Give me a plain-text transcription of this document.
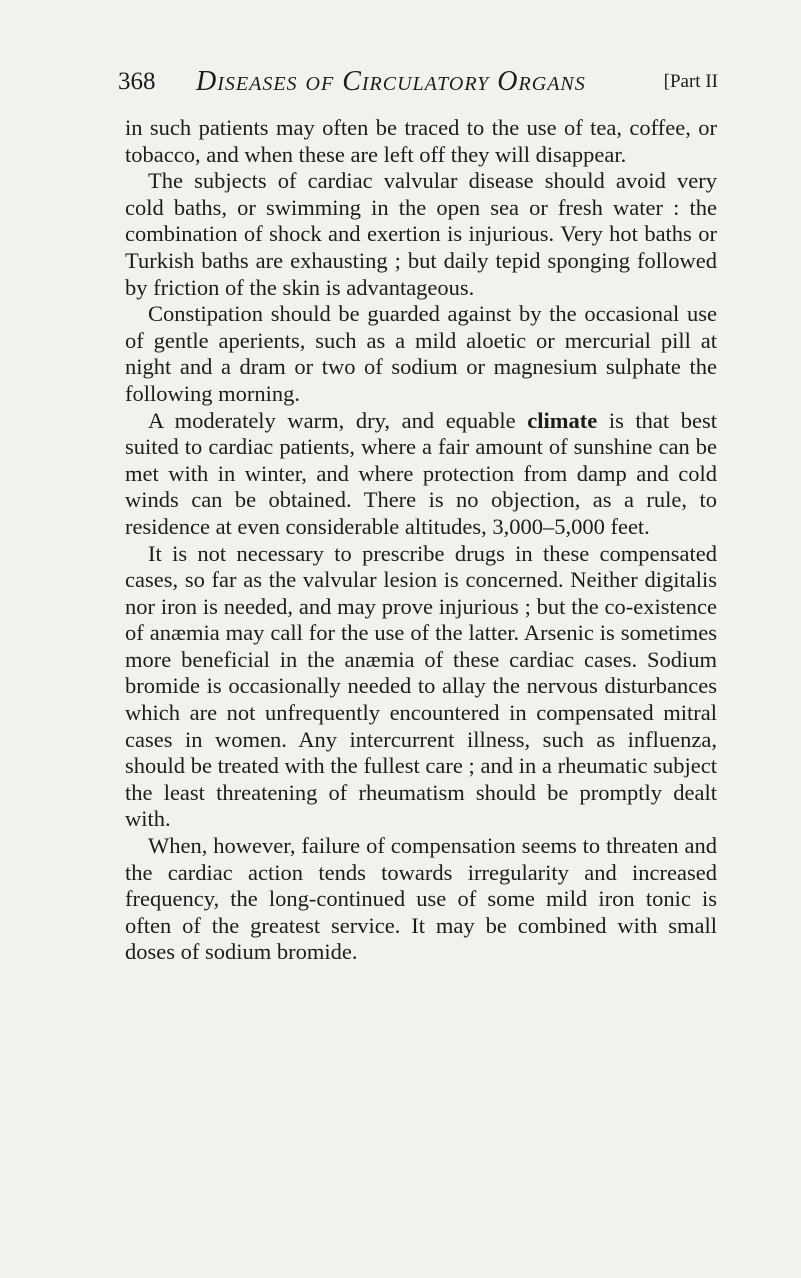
368 Diseases of Circulatory Organs	[Part II

in such patients may often be traced to the use of tea, coffee, or tobacco, and when these are left off they will disappear.

The subjects of cardiac valvular disease should avoid very cold baths, or swimming in the open sea or fresh water : the combination of shock and exertion is injurious. Very hot baths or Turkish baths are exhausting ; but daily tepid sponging followed by friction of the skin is advantageous.

Constipation should be guarded against by the occasional use of gentle aperients, such as a mild aloetic or mercurial pill at night and a dram or two of sodium or magnesium sulphate the following morning.

A moderately warm, dry, and equable climate is that best suited to cardiac patients, where a fair amount of sunshine can be met with in winter, and where protection from damp and cold winds can be obtained. There is no objection, as a rule, to residence at even considerable altitudes, 3,000–5,000 feet.

It is not necessary to prescribe drugs in these compensated cases, so far as the valvular lesion is concerned. Neither digitalis nor iron is needed, and may prove injurious ; but the co-existence of anæmia may call for the use of the latter. Arsenic is sometimes more beneficial in the anæmia of these cardiac cases. Sodium bromide is occasionally needed to allay the nervous disturbances which are not unfrequently encountered in compensated mitral cases in women. Any intercurrent illness, such as influenza, should be treated with the fullest care ; and in a rheumatic subject the least threatening of rheumatism should be promptly dealt with.

When, however, failure of compensation seems to threaten and the cardiac action tends towards irregularity and increased frequency, the long-continued use of some mild iron tonic is often of the greatest service. It may be combined with small doses of sodium bromide.
